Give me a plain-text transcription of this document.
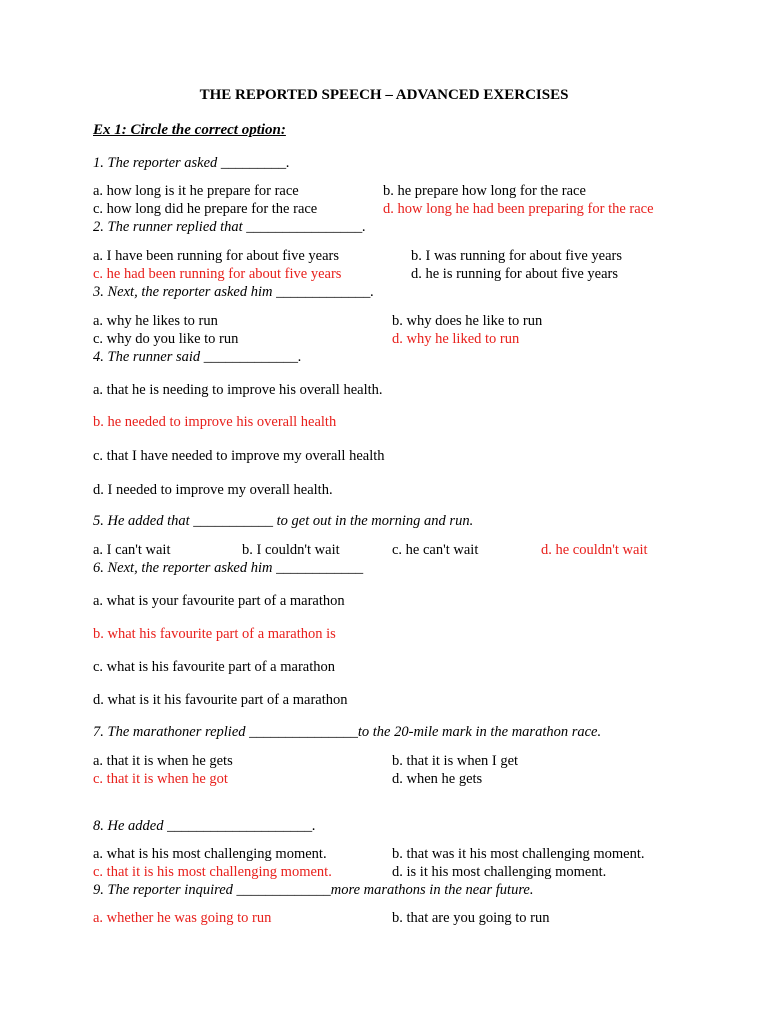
THE REPORTED SPEECH – ADVANCED EXERCISES
Ex 1: Circle the correct option:
1. The reporter asked _________.
a. how long is it he prepare for race	b. he prepare how long for the race
c. how long did he prepare for the race	d. how long he had been preparing for the race
2. The runner replied that ________________.
a. I have been running for about five years	b. I was running for about five years
c. he had been running for about five years	d. he is running for about five years
3. Next, the reporter asked him _____________.
a. why he likes to run	b. why does he like to run
c. why do you like to run	d. why he liked to run
4. The runner said _____________.
a. that he is needing to improve his overall health.
b. he needed to improve his overall health
c. that I have needed to improve my overall health
d. I needed to improve my overall health.
5. He added that ___________ to get out in the morning and run.
a. I can't wait	b. I couldn't wait	c. he can't wait	d. he couldn't wait
6. Next, the reporter asked him ____________
a. what is your favourite part of a marathon
b. what his favourite part of a marathon is
c. what is his favourite part of a marathon
d. what is it his favourite part of a marathon
7. The marathoner replied _______________to the 20-mile mark in the marathon race.
a. that it is when he gets	b. that it is when I get
c. that it is when he got	d. when he gets
8. He added ____________________.
a. what is his most challenging moment.	b. that was it his most challenging moment.
c. that it is his most challenging moment.	d. is it his most challenging moment.
9. The reporter inquired _____________more marathons in the near future.
a. whether he was going to run	b. that are you going to run
